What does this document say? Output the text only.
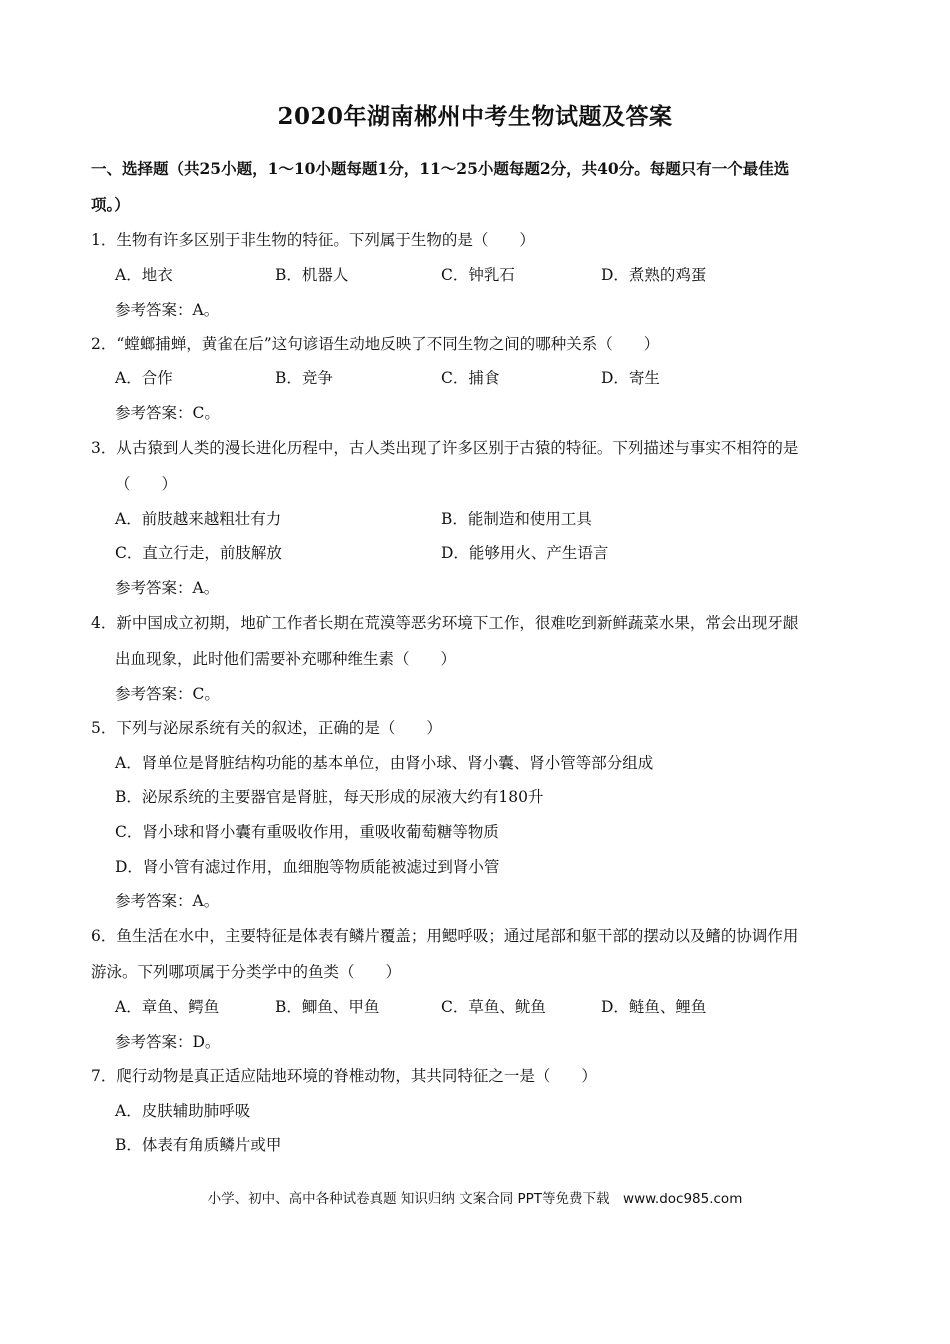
2020年湖南郴州中考生物试题及答案
一、选择题（共25小题，1～10小题每题1分，11～25小题每题2分，共40分。每题只有一个最佳选
项。）
1．生物有许多区别于非生物的特征。下列属于生物的是（　　）
A．地衣	B．机器人	C．钟乳石	D．煮熟的鸡蛋
参考答案：A。
2．“螳螂捕蝉，黄雀在后”这句谚语生动地反映了不同生物之间的哪种关系（　　）
A．合作	B．竞争	C．捕食	D．寄生
参考答案：C。
3．从古猿到人类的漫长进化历程中，古人类出现了许多区别于古猿的特征。下列描述与事实不相符的是
（　　）
A．前肢越来越粗壮有力	B．能制造和使用工具
C．直立行走，前肢解放	D．能够用火、产生语言
参考答案：A。
4．新中国成立初期，地矿工作者长期在荒漠等恶劣环境下工作，很难吃到新鲜蔬菜水果，常会出现牙龈
出血现象，此时他们需要补充哪种维生素（　　）
参考答案：C。
5．下列与泌尿系统有关的叙述，正确的是（　　）
A．肾单位是肾脏结构功能的基本单位，由肾小球、肾小囊、肾小管等部分组成
B．泌尿系统的主要器官是肾脏，每天形成的尿液大约有180升
C．肾小球和肾小囊有重吸收作用，重吸收葡萄糖等物质
D．肾小管有滤过作用，血细胞等物质能被滤过到肾小管
参考答案：A。
6．鱼生活在水中，主要特征是体表有鳞片覆盖；用鳃呼吸；通过尾部和躯干部的摆动以及鳍的协调作用
游泳。下列哪项属于分类学中的鱼类（　　）
A．章鱼、鳄鱼	B．鲫鱼、甲鱼	C．草鱼、鱿鱼	D．鲢鱼、鲤鱼
参考答案：D。
7．爬行动物是真正适应陆地环境的脊椎动物，其共同特征之一是（　　）
A．皮肤辅助肺呼吸
B．体表有角质鳞片或甲
小学、初中、高中各种试卷真题 知识归纳 文案合同 PPT等免费下载　www.doc985.com
